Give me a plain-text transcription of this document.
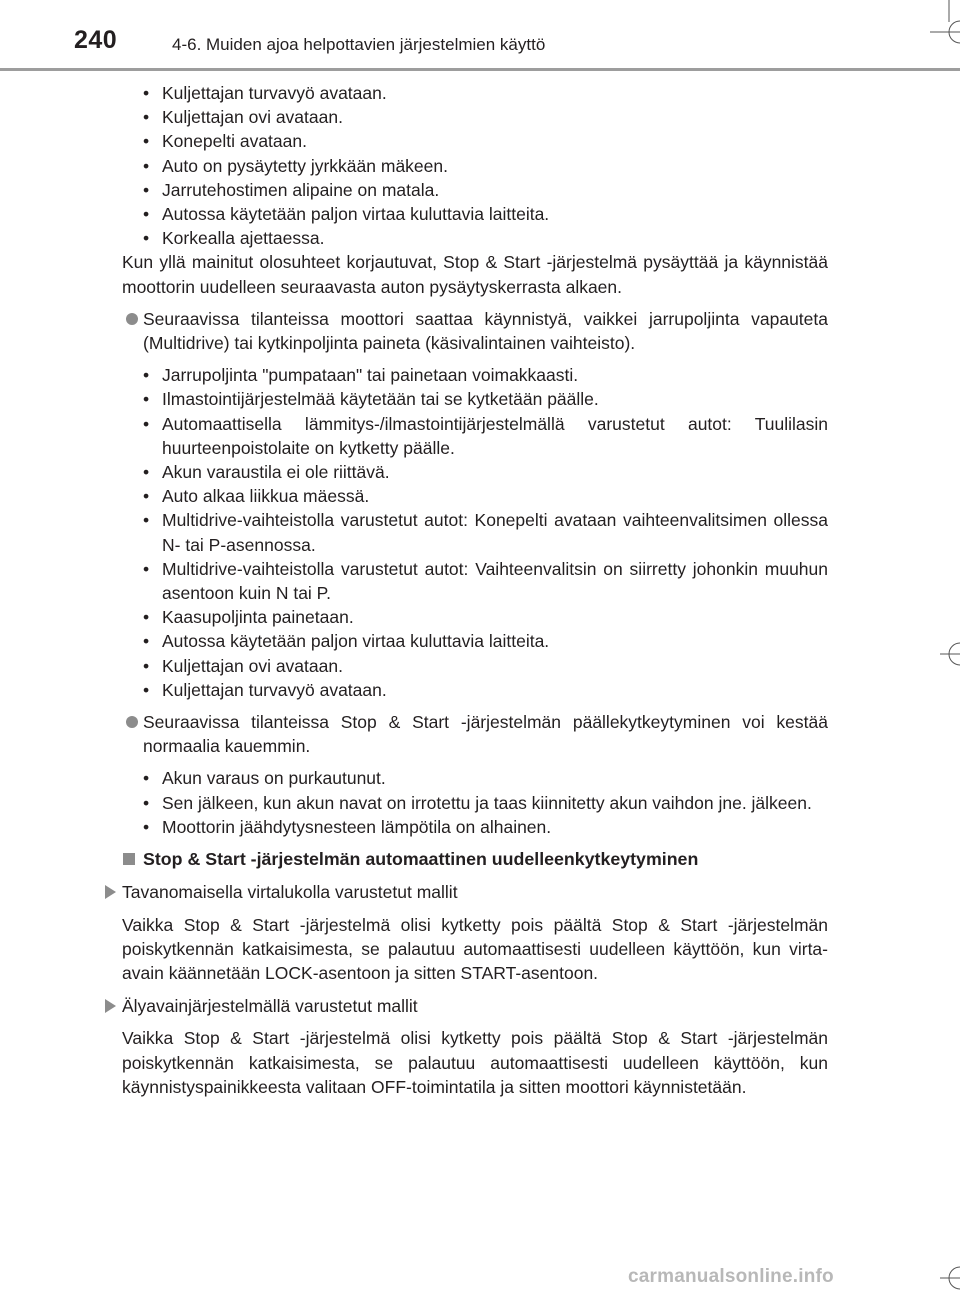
240	4-6. Muiden ajoa helpottavien järjestelmien käyttö
• Kuljettajan turvavyö avataan.
• Kuljettajan ovi avataan.
• Konepelti avataan.
• Auto on pysäytetty jyrkkään mäkeen.
• Jarrutehostimen alipaine on matala.
• Autossa käytetään paljon virtaa kuluttavia laitteita.
• Korkealla ajettaessa.

Kun yllä mainitut olosuhteet korjautuvat, Stop & Start -järjestelmä pysäyttää ja käynnistää moottorin uudelleen seuraavasta auton pysäytyskerrasta alkaen.

Seuraavissa tilanteissa moottori saattaa käynnistyä, vaikkei jarrupoljinta vapauteta (Multidrive) tai kytkinpoljinta paineta (käsivalintainen vaihteisto).
• Jarrupoljinta "pumpataan" tai painetaan voimakkaasti.
• Ilmastointijärjestelmää käytetään tai se kytketään päälle.
• Automaattisella lämmitys-/ilmastointijärjestelmällä varustetut autot: Tuulilasin huurteenpoistolaite on kytketty päälle.
• Akun varaustila ei ole riittävä.
• Auto alkaa liikkua mäessä.
• Multidrive-vaihteistolla varustetut autot: Konepelti avataan vaihteenvalitsimen ollessa N- tai P-asennossa.
• Multidrive-vaihteistolla varustetut autot: Vaihteenvalitsin on siirretty johonkin muuhun asentoon kuin N tai P.
• Kaasupoljinta painetaan.
• Autossa käytetään paljon virtaa kuluttavia laitteita.
• Kuljettajan ovi avataan.
• Kuljettajan turvavyö avataan.
Seuraavissa tilanteissa Stop & Start -järjestelmän päällekytkeytyminen voi kestää normaalia kauemmin.
• Akun varaus on purkautunut.
• Sen jälkeen, kun akun navat on irrotettu ja taas kiinnitetty akun vaihdon jne. jälkeen.
• Moottorin jäähdytysnesteen lämpötila on alhainen.
Stop & Start -järjestelmän automaattinen uudelleenkytkeytyminen
Tavanomaisella virtalukolla varustetut mallit

Vaikka Stop & Start -järjestelmä olisi kytketty pois päältä Stop & Start -järjestelmän poiskytkennän katkaisimesta, se palautuu automaattisesti uudelleen käyttöön, kun virta-avain käännetään LOCK-asentoon ja sitten START-asentoon.

Älyavainjärjestelmällä varustetut mallit

Vaikka Stop & Start -järjestelmä olisi kytketty pois päältä Stop & Start -järjestelmän poiskytkennän katkaisimesta, se palautuu automaattisesti uudelleen käyttöön, kun käynnistyspainikkeesta valitaan OFF-toimintatila ja sitten moottori käynnistetään.

carmanualsonline.info
